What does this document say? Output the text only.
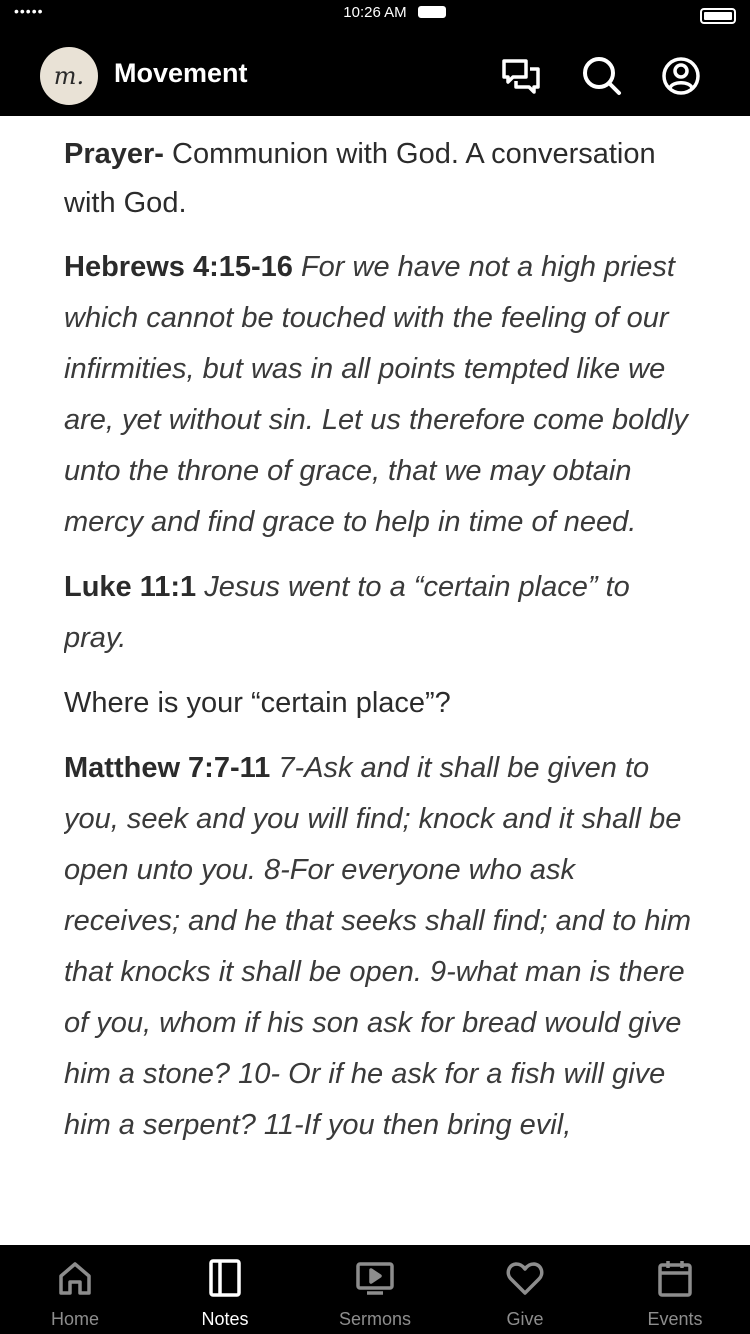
•••••	10:26 AM
m. Movement

Prayer- Communion with God. A conversation with God.

Hebrews 4:15-16 For we have not a high priest which cannot be touched with the feeling of our infirmities, but was in all points tempted like we are, yet without sin. Let us therefore come boldly unto the throne of grace, that we may obtain mercy and find grace to help in time of need.

Luke 11:1 Jesus went to a “certain place” to pray.

Where is your “certain place”?

Matthew 7:7-11 7-Ask and it shall be given to you, seek and you will find; knock and it shall be open unto you. 8-For everyone who ask receives; and he that seeks shall find; and to him that knocks it shall be open. 9-what man is there of you, whom if his son ask for bread would give him a stone? 10- Or if he ask for a fish will give him a serpent? 11-If you then bring evil,

Home	Notes	Sermons	Give	Events
